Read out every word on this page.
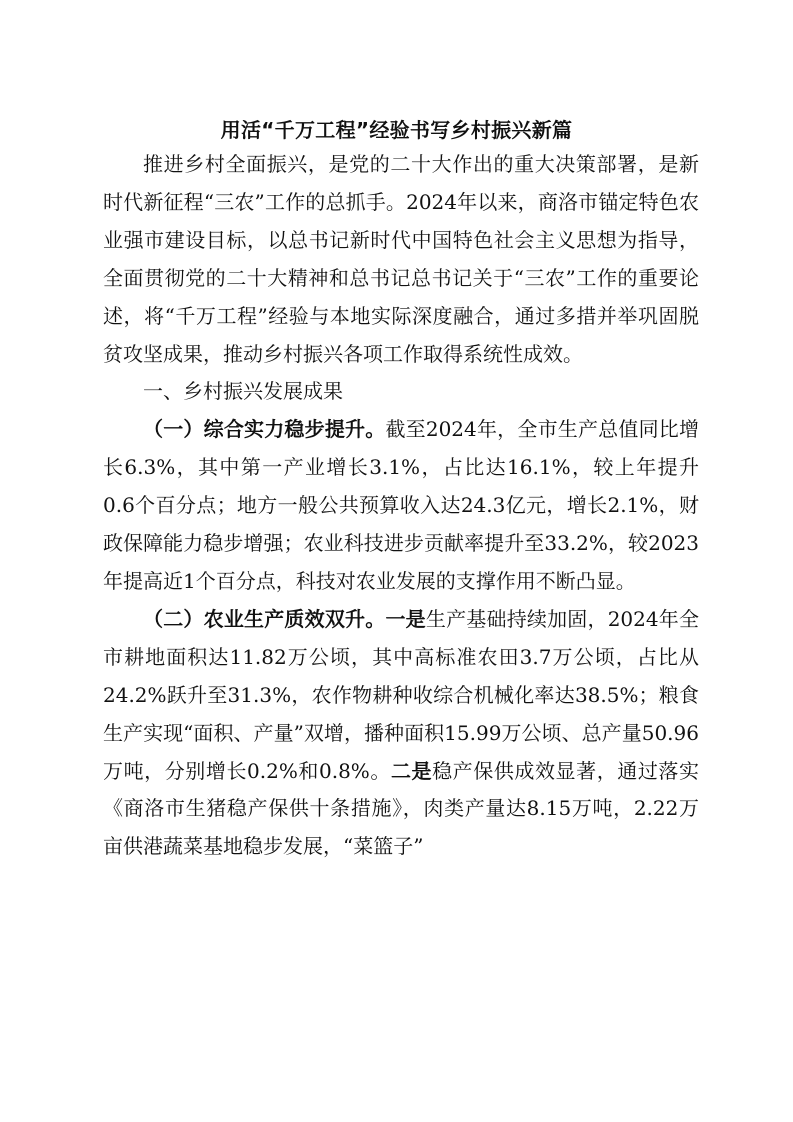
用活“千万工程”经验书写乡村振兴新篇

推进乡村全面振兴，是党的二十大作出的重大决策部署，是新时代新征程“三农”工作的总抓手。2024年以来，商洛市锚定特色农业强市建设目标，以总书记新时代中国特色社会主义思想为指导，全面贯彻党的二十大精神和总书记总书记关于“三农”工作的重要论述，将“千万工程”经验与本地实际深度融合，通过多措并举巩固脱贫攻坚成果，推动乡村振兴各项工作取得系统性成效。

一、乡村振兴发展成果

（一）综合实力稳步提升。截至2024年，全市生产总值同比增长6.3%，其中第一产业增长3.1%，占比达16.1%，较上年提升0.6个百分点；地方一般公共预算收入达24.3亿元，增长2.1%，财政保障能力稳步增强；农业科技进步贡献率提升至33.2%，较2023年提高近1个百分点，科技对农业发展的支撑作用不断凸显。

（二）农业生产质效双升。一是生产基础持续加固，2024年全市耕地面积达11.82万公顷，其中高标准农田3.7万公顷，占比从24.2%跃升至31.3%，农作物耕种收综合机械化率达38.5%；粮食生产实现“面积、产量”双增，播种面积15.99万公顷、总产量50.96万吨，分别增长0.2%和0.8%。二是稳产保供成效显著，通过落实《商洛市生猪稳产保供十条措施》，肉类产量达8.15万吨，2.22万亩供港蔬菜基地稳步发展，“菜篮子”
